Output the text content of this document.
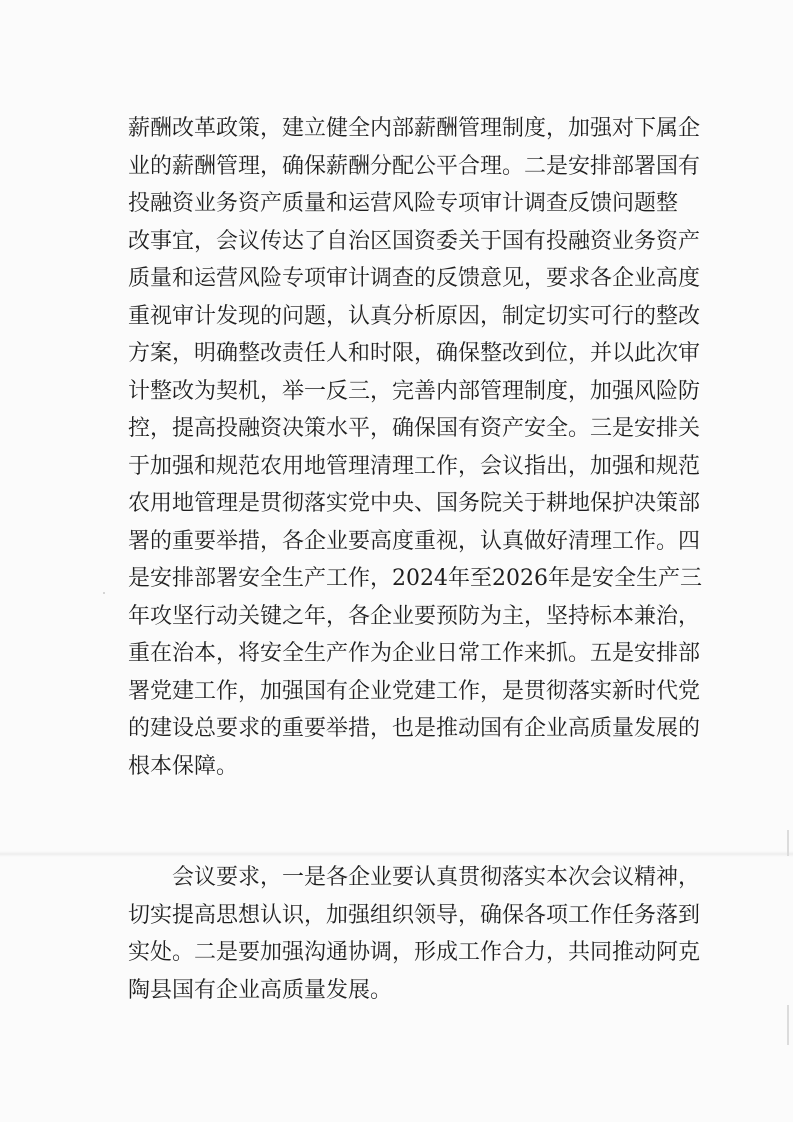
薪酬改革政策，建立健全内部薪酬管理制度，加强对下属企
业的薪酬管理，确保薪酬分配公平合理。二是安排部署国有
投融资业务资产质量和运营风险专项审计调查反馈问题整
改事宜，会议传达了自治区国资委关于国有投融资业务资产
质量和运营风险专项审计调查的反馈意见，要求各企业高度
重视审计发现的问题，认真分析原因，制定切实可行的整改
方案，明确整改责任人和时限，确保整改到位，并以此次审
计整改为契机，举一反三，完善内部管理制度，加强风险防
控，提高投融资决策水平，确保国有资产安全。三是安排关
于加强和规范农用地管理清理工作，会议指出，加强和规范
农用地管理是贯彻落实党中央、国务院关于耕地保护决策部
署的重要举措，各企业要高度重视，认真做好清理工作。四
是安排部署安全生产工作，2024年至2026年是安全生产三
年攻坚行动关键之年，各企业要预防为主，坚持标本兼治，
重在治本，将安全生产作为企业日常工作来抓。五是安排部
署党建工作，加强国有企业党建工作，是贯彻落实新时代党
的建设总要求的重要举措，也是推动国有企业高质量发展的
根本保障。
　　会议要求，一是各企业要认真贯彻落实本次会议精神，
切实提高思想认识，加强组织领导，确保各项工作任务落到
实处。二是要加强沟通协调，形成工作合力，共同推动阿克
陶县国有企业高质量发展。
